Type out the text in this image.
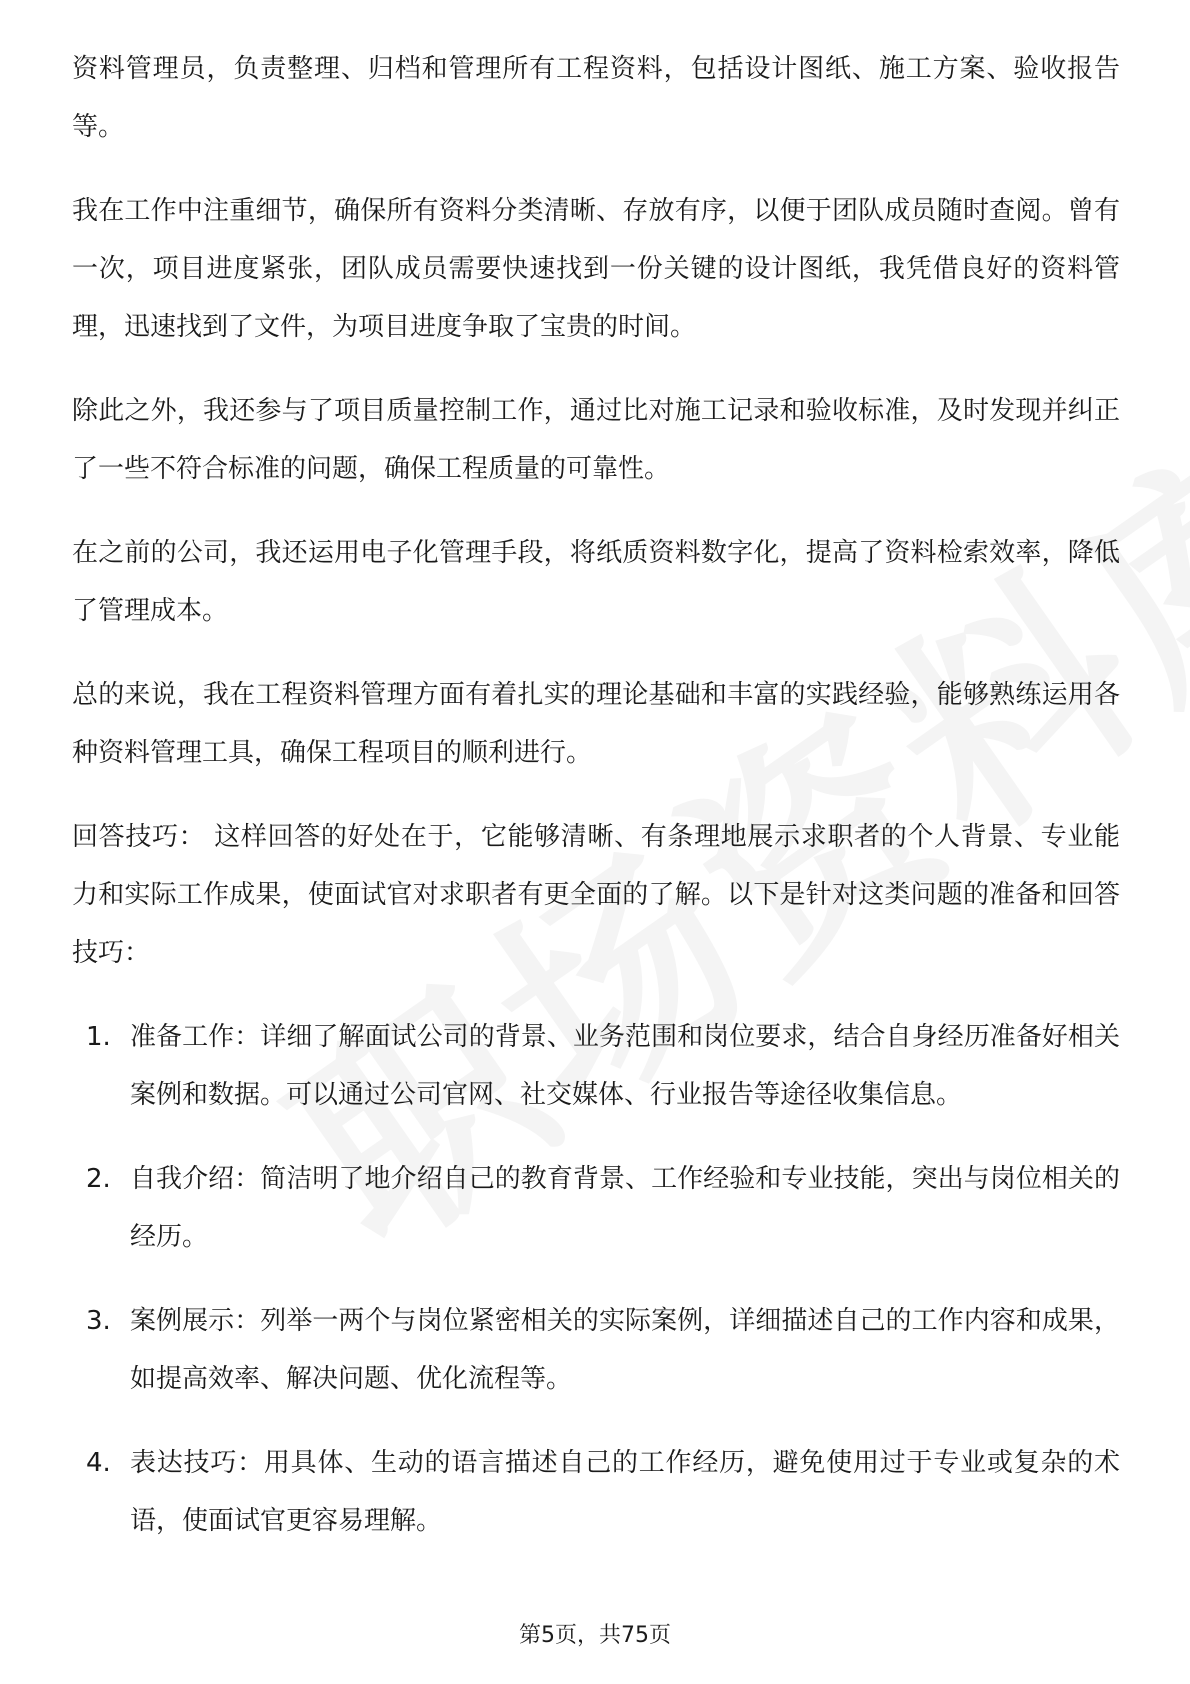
资料管理员，负责整理、归档和管理所有工程资料，包括设计图纸、施工方案、验收报告等。

我在工作中注重细节，确保所有资料分类清晰、存放有序，以便于团队成员随时查阅。曾有一次，项目进度紧张，团队成员需要快速找到一份关键的设计图纸，我凭借良好的资料管理，迅速找到了文件，为项目进度争取了宝贵的时间。

除此之外，我还参与了项目质量控制工作，通过比对施工记录和验收标准，及时发现并纠正了一些不符合标准的问题，确保工程质量的可靠性。

在之前的公司，我还运用电子化管理手段，将纸质资料数字化，提高了资料检索效率，降低了管理成本。

总的来说，我在工程资料管理方面有着扎实的理论基础和丰富的实践经验，能够熟练运用各种资料管理工具，确保工程项目的顺利进行。

回答技巧： 这样回答的好处在于，它能够清晰、有条理地展示求职者的个人背景、专业能力和实际工作成果，使面试官对求职者有更全面的了解。以下是针对这类问题的准备和回答技巧：

1. 准备工作：详细了解面试公司的背景、业务范围和岗位要求，结合自身经历准备好相关案例和数据。可以通过公司官网、社交媒体、行业报告等途径收集信息。
2. 自我介绍：简洁明了地介绍自己的教育背景、工作经验和专业技能，突出与岗位相关的经历。
3. 案例展示：列举一两个与岗位紧密相关的实际案例，详细描述自己的工作内容和成果，如提高效率、解决问题、优化流程等。
4. 表达技巧：用具体、生动的语言描述自己的工作经历，避免使用过于专业或复杂的术语，使面试官更容易理解。
第5页，共75页
